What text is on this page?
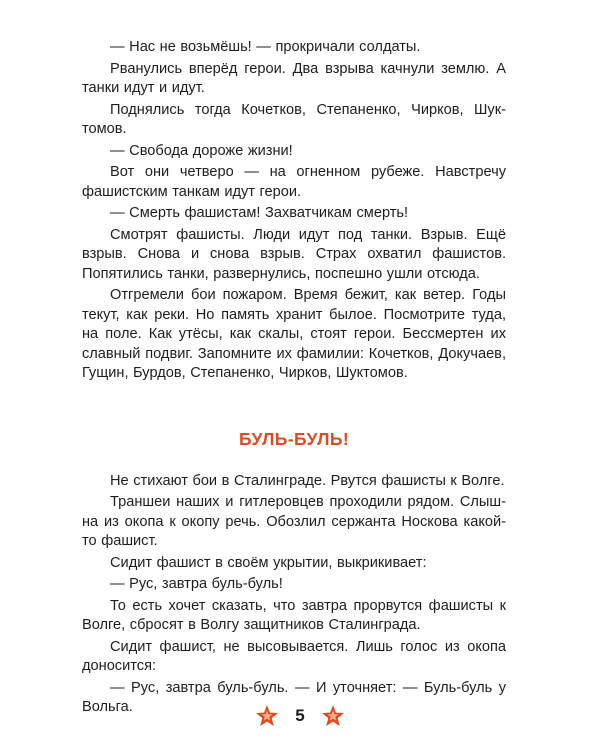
— Нас не возьмёшь! — прокричали солдаты.

Рванулись вперёд герои. Два взрыва качнули землю. А танки идут и идут.

Поднялись тогда Кочетков, Степаненко, Чирков, Шуктомов.

— Свобода дороже жизни!

Вот они четверо — на огненном рубеже. Навстречу фашистским танкам идут герои.

— Смерть фашистам! Захватчикам смерть!

Смотрят фашисты. Люди идут под танки. Взрыв. Ещё взрыв. Снова и снова взрыв. Страх охватил фашистов. Попятились танки, развернулись, поспешно ушли отсюда.

Отгремели бои пожаром. Время бежит, как ветер. Годы текут, как реки. Но память хранит былое. Посмотрите туда, на поле. Как утёсы, как скалы, стоят герои. Бессмертен их славный подвиг. Запомните их фамилии: Кочетков, Докучаев, Гущин, Бурдов, Степаненко, Чирков, Шуктомов.

БУЛЬ-БУЛЬ!

Не стихают бои в Сталинграде. Рвутся фашисты к Волге.

Траншеи наших и гитлеровцев проходили рядом. Слышна из окопа к окопу речь. Обозлил сержанта Носкова какой-то фашист.

Сидит фашист в своём укрытии, выкрикивает:

— Рус, завтра буль-буль!

То есть хочет сказать, что завтра прорвутся фашисты к Волге, сбросят в Волгу защитников Сталинграда.

Сидит фашист, не высовывается. Лишь голос из окопа доносится:

— Рус, завтра буль-буль. — И уточняет: — Буль-буль у Вольга.	5
